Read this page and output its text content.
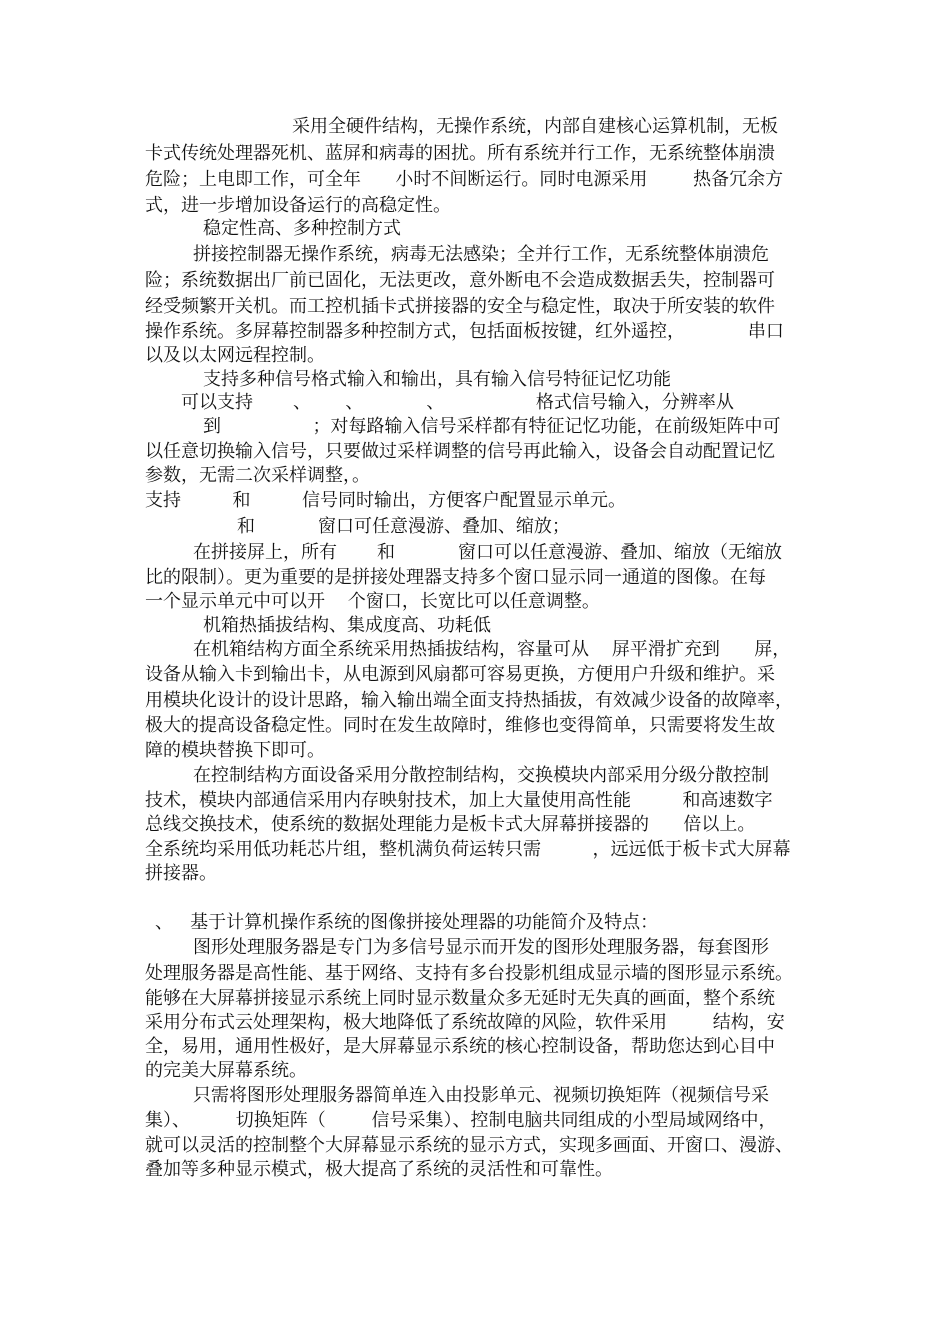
采用全硬件结构，无操作系统，内部自建核心运算机制，无板

卡式传统处理器死机、蓝屏和病毒的困扰。所有系统并行工作，无系统整体崩溃

危险；上电即工作，可全年      小时不间断运行。同时电源采用        热备冗余方

式，进一步增加设备运行的高稳定性。

稳定性高、多种控制方式

拼接控制器无操作系统，病毒无法感染；全并行工作，无系统整体崩溃危

险；系统数据出厂前已固化，无法更改，意外断电不会造成数据丢失，控制器可

经受频繁开关机。而工控机插卡式拼接器的安全与稳定性，取决于所安装的软件

操作系统。多屏幕控制器多种控制方式，包括面板按键，红外遥控，           串口

以及以太网远程控制。

支持多种信号格式输入和输出，具有输入信号特征记忆功能

可以支持       、      、           、                格式信号输入，分辨率从

到                ；对每路输入信号采样都有特征记忆功能，在前级矩阵中可

以任意切换输入信号，只要做过采样调整的信号再此输入，设备会自动配置记忆

参数，无需二次采样调整，。

支持         和         信号同时输出，方便客户配置显示单元。

和           窗口可任意漫游、叠加、缩放；

在拼接屏上，所有       和           窗口可以任意漫游、叠加、缩放（无缩放

比的限制）。更为重要的是拼接处理器支持多个窗口显示同一通道的图像。在每

一个显示单元中可以开    个窗口，长宽比可以任意调整。

机箱热插拔结构、集成度高、功耗低

在机箱结构方面全系统采用热插拔结构，容量可从    屏平滑扩充到      屏，

设备从输入卡到输出卡，从电源到风扇都可容易更换，方便用户升级和维护。采

用模块化设计的设计思路，输入输出端全面支持热插拔，有效减少设备的故障率，

极大的提高设备稳定性。同时在发生故障时，维修也变得简单，只需要将发生故

障的模块替换下即可。

在控制结构方面设备采用分散控制结构，交换模块内部采用分级分散控制

技术，模块内部通信采用内存映射技术，加上大量使用高性能         和高速数字

总线交换技术，使系统的数据处理能力是板卡式大屏幕拼接器的      倍以上。

全系统均采用低功耗芯片组，整机满负荷运转只需         ，远远低于板卡式大屏幕

拼接器。

、   基于计算机操作系统的图像拼接处理器的功能简介及特点：

图形处理服务器是专门为多信号显示而开发的图形处理服务器，每套图形

处理服务器是高性能、基于网络、支持有多台投影机组成显示墙的图形显示系统。

能够在大屏幕拼接显示系统上同时显示数量众多无延时无失真的画面，整个系统

采用分布式云处理架构，极大地降低了系统故障的风险，软件采用        结构，安

全，易用，通用性极好，是大屏幕显示系统的核心控制设备，帮助您达到心目中

的完美大屏幕系统。

只需将图形处理服务器简单连入由投影单元、视频切换矩阵（视频信号采

集）、        切换矩阵（        信号采集）、控制电脑共同组成的小型局域网络中，

就可以灵活的控制整个大屏幕显示系统的显示方式，实现多画面、开窗口、漫游、

叠加等多种显示模式，极大提高了系统的灵活性和可靠性。
